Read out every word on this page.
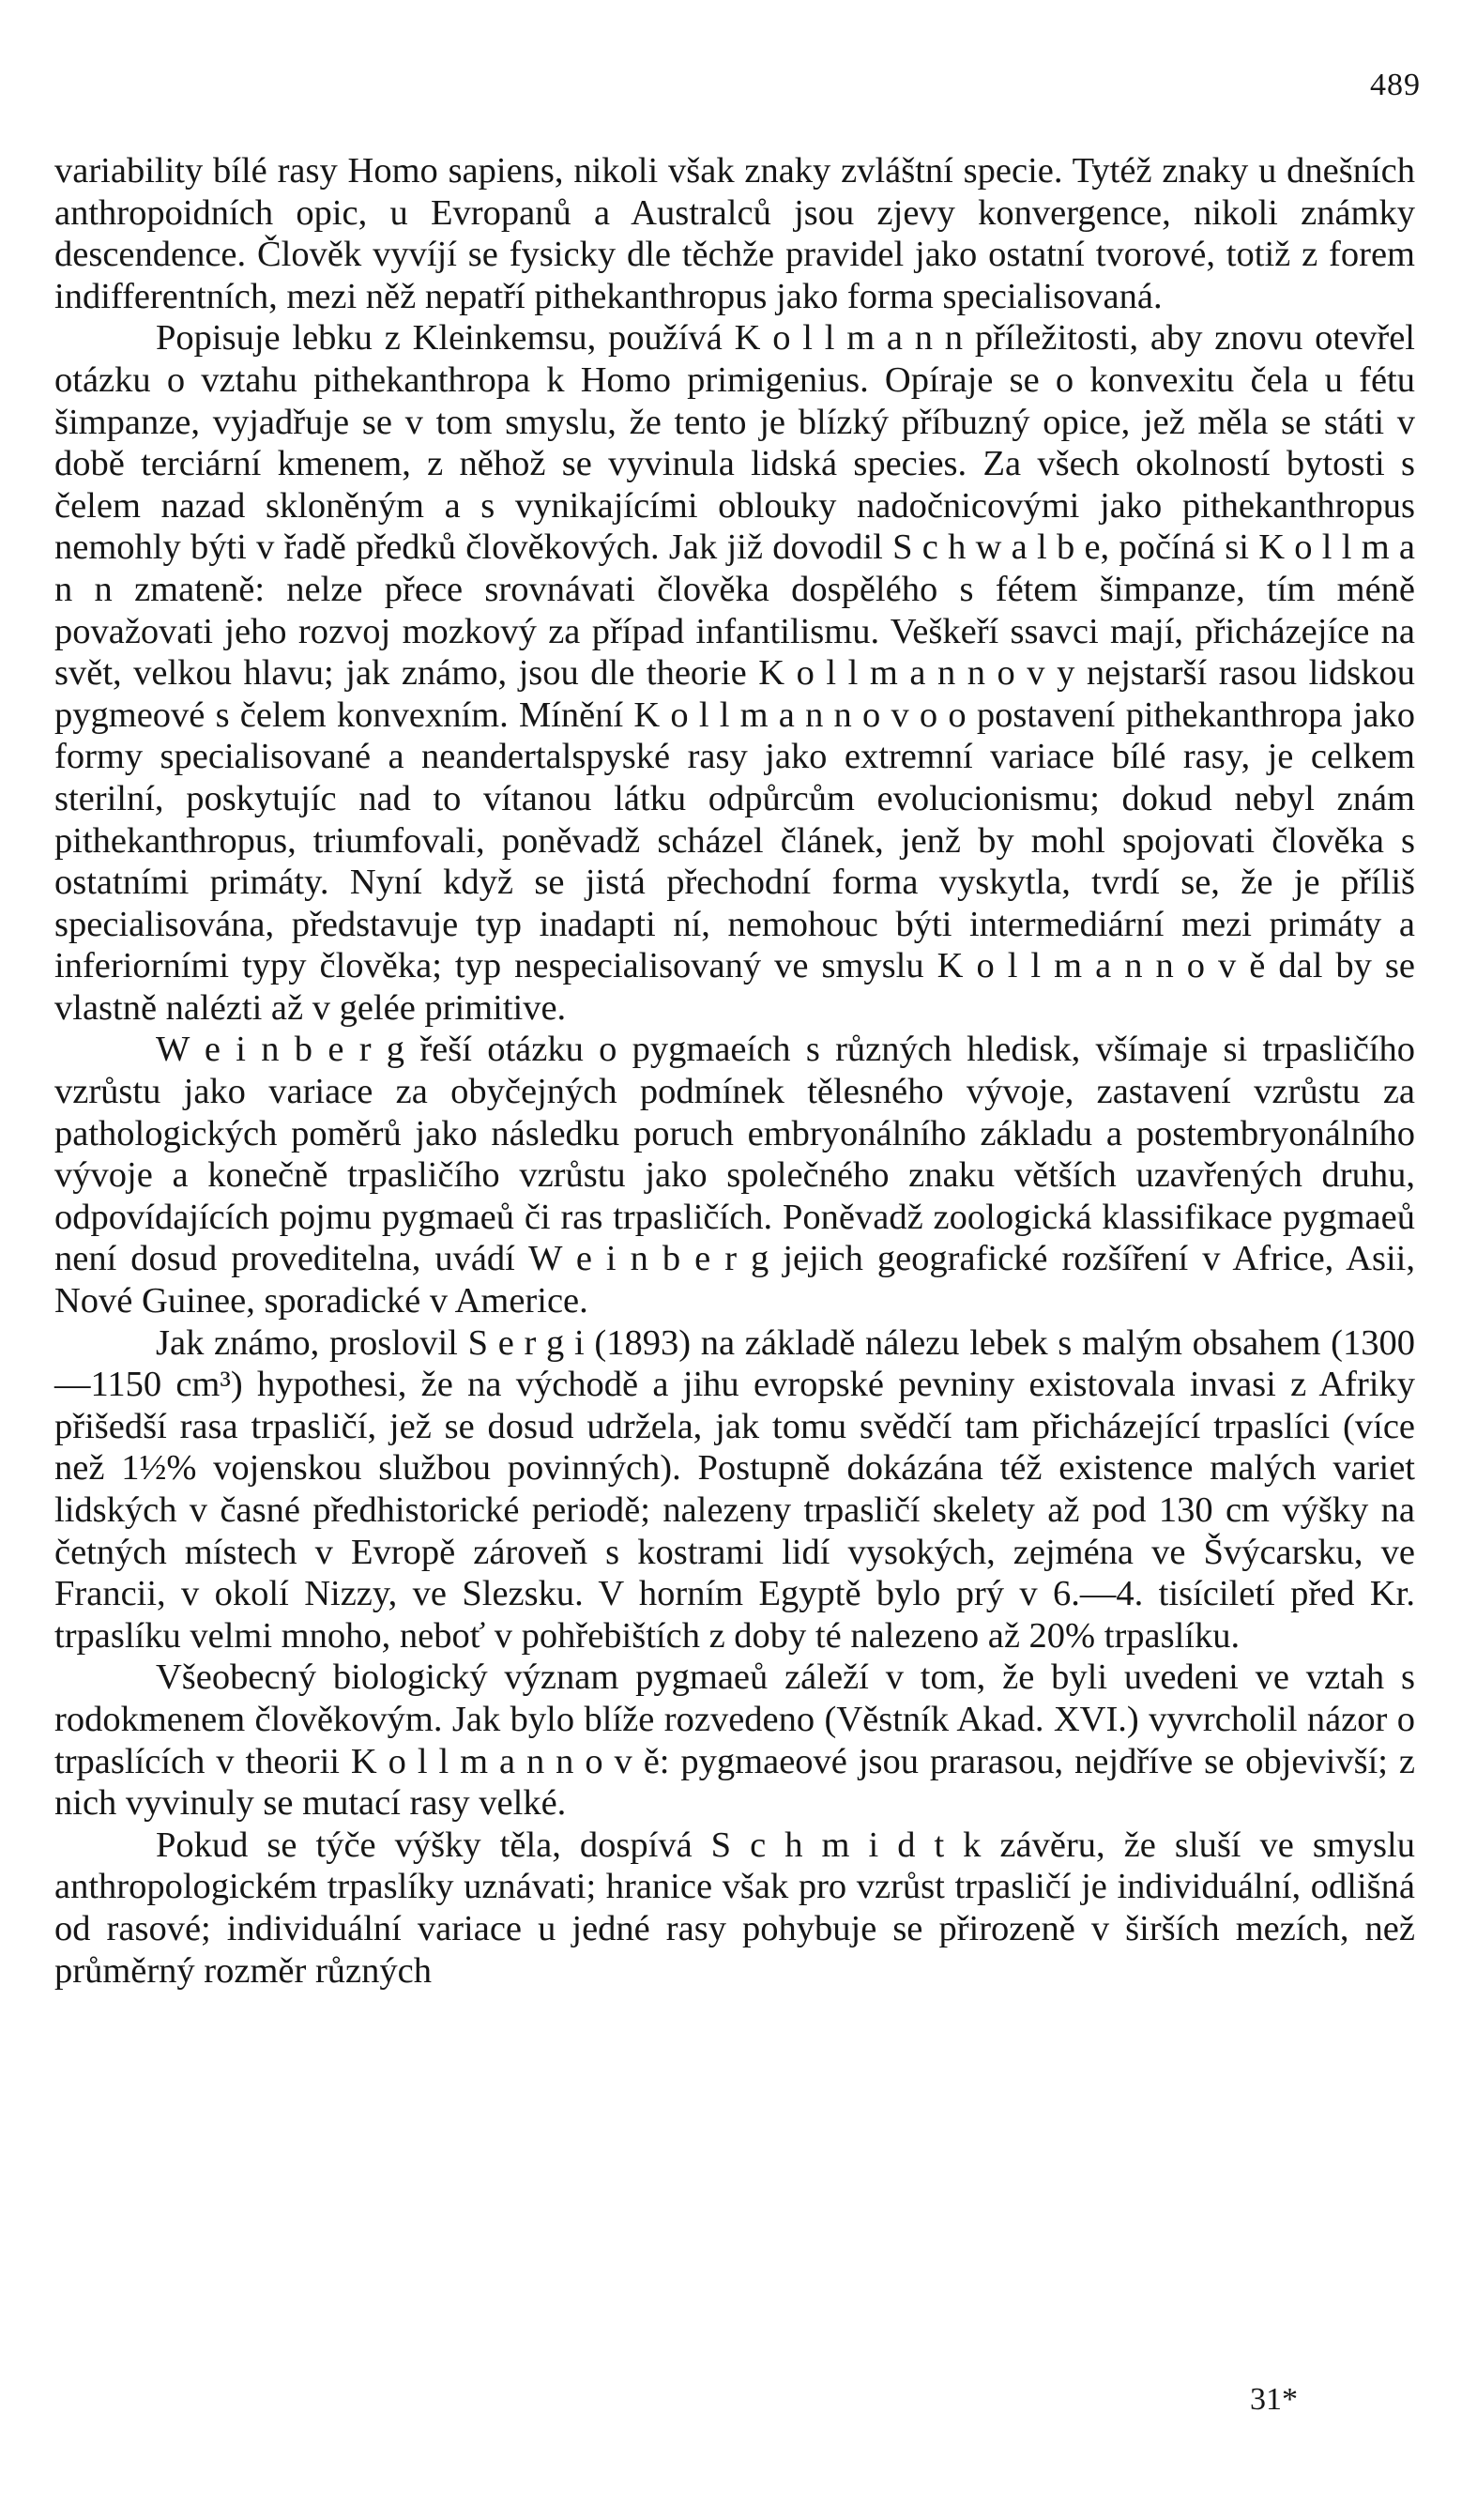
489

variability bílé rasy Homo sapiens, nikoli však znaky zvláštní specie. Tytéž znaky u dnešních anthropoidních opic, u Evropanů a Australců jsou zjevy konvergence, nikoli známky descendence. Člověk vyvíjí se fysicky dle těchže pravidel jako ostatní tvorové, totiž z forem indifferentních, mezi něž nepatří pithekanthropus jako forma specialisovaná.

Popisuje lebku z Kleinkemsu, používá K o l l m a n n příležitosti, aby znovu otevřel otázku o vztahu pithekanthropa k Homo primigenius. Opíraje se o konvexitu čela u fétu šimpanze, vyjadřuje se v tom smyslu, že tento je blízký příbuzný opice, jež měla se státi v době terciární kmenem, z něhož se vyvinula lidská species. Za všech okolností bytosti s čelem nazad skloněným a s vynikajícími oblouky nadočnicovými jako pithekanthropus nemohly býti v řadě předků člověkových. Jak již dovodil S c h w a l b e, počíná si K o l l m a n n zmateně: nelze přece srovnávati člověka dospělého s fétem šimpanze, tím méně považovati jeho rozvoj mozkový za případ infantilismu. Veškeří ssavci mají, přicházejíce na svět, velkou hlavu; jak známo, jsou dle theorie K o l l m a n n o v y nejstarší rasou lidskou pygmeové s čelem konvexním. Mínění K o l l m a n n o v o o postavení pithekanthropa jako formy specialisované a neandertalspyské rasy jako extremní variace bílé rasy, je celkem sterilní, poskytujíc nad to vítanou látku odpůrcům evolucionismu; dokud nebyl znám pithekanthropus, triumfovali, poněvadž scházel článek, jenž by mohl spojovati člověka s ostatními primáty. Nyní když se jistá přechodní forma vyskytla, tvrdí se, že je příliš specialisována, představuje typ inadapti ní, nemohouc býti intermediární mezi primáty a inferiorními typy člověka; typ nespecialisovaný ve smyslu K o l l m a n n o v ě dal by se vlastně nalézti až v gelée primitive.

W e i n b e r g řeší otázku o pygmaeích s různých hledisk, všímaje si trpasličího vzrůstu jako variace za obyčejných podmínek tělesného vývoje, zastavení vzrůstu za pathologických poměrů jako následku poruch embryonálního základu a postembryonálního vývoje a konečně trpasličího vzrůstu jako společného znaku větších uzavřených druhu, odpovídajících pojmu pygmaeů či ras trpasličích. Poněvadž zoologická klassifikace pygmaeů není dosud proveditelna, uvádí W e i n b e r g jejich geografické rozšíření v Africe, Asii, Nové Guinee, sporadické v Americe.

Jak známo, proslovil S e r g i (1893) na základě nálezu lebek s malým obsahem (1300—1150 cm³) hypothesi, že na východě a jihu evropské pevniny existovala invasi z Afriky přišedší rasa trpasličí, jež se dosud udržela, jak tomu svědčí tam přicházející trpaslíci (více než 1½% vojenskou službou povinných). Postupně dokázána též existence malých variet lidských v časné předhistorické periodě; nalezeny trpasličí skelety až pod 130 cm výšky na četných místech v Evropě zároveň s kostrami lidí vysokých, zejména ve Švýcarsku, ve Francii, v okolí Nizzy, ve Slezsku. V horním Egyptě bylo prý v 6.—4. tisíciletí před Kr. trpaslíku velmi mnoho, neboť v pohřebištích z doby té nalezeno až 20% trpaslíku.

Všeobecný biologický význam pygmaeů záleží v tom, že byli uvedeni ve vztah s rodokmenem člověkovým. Jak bylo blíže rozvedeno (Věstník Akad. XVI.) vyvrcholil názor o trpaslících v theorii K o l l m a n n o v ě: pygmaeové jsou prarasou, nejdříve se objevivší; z nich vyvinuly se mutací rasy velké.

Pokud se týče výšky těla, dospívá S c h m i d t k závěru, že sluší ve smyslu anthropologickém trpaslíky uznávati; hranice však pro vzrůst trpasličí je individuální, odlišná od rasové; individuální variace u jedné rasy pohybuje se přirozeně v širších mezích, než průměrný rozměr různých

31*
